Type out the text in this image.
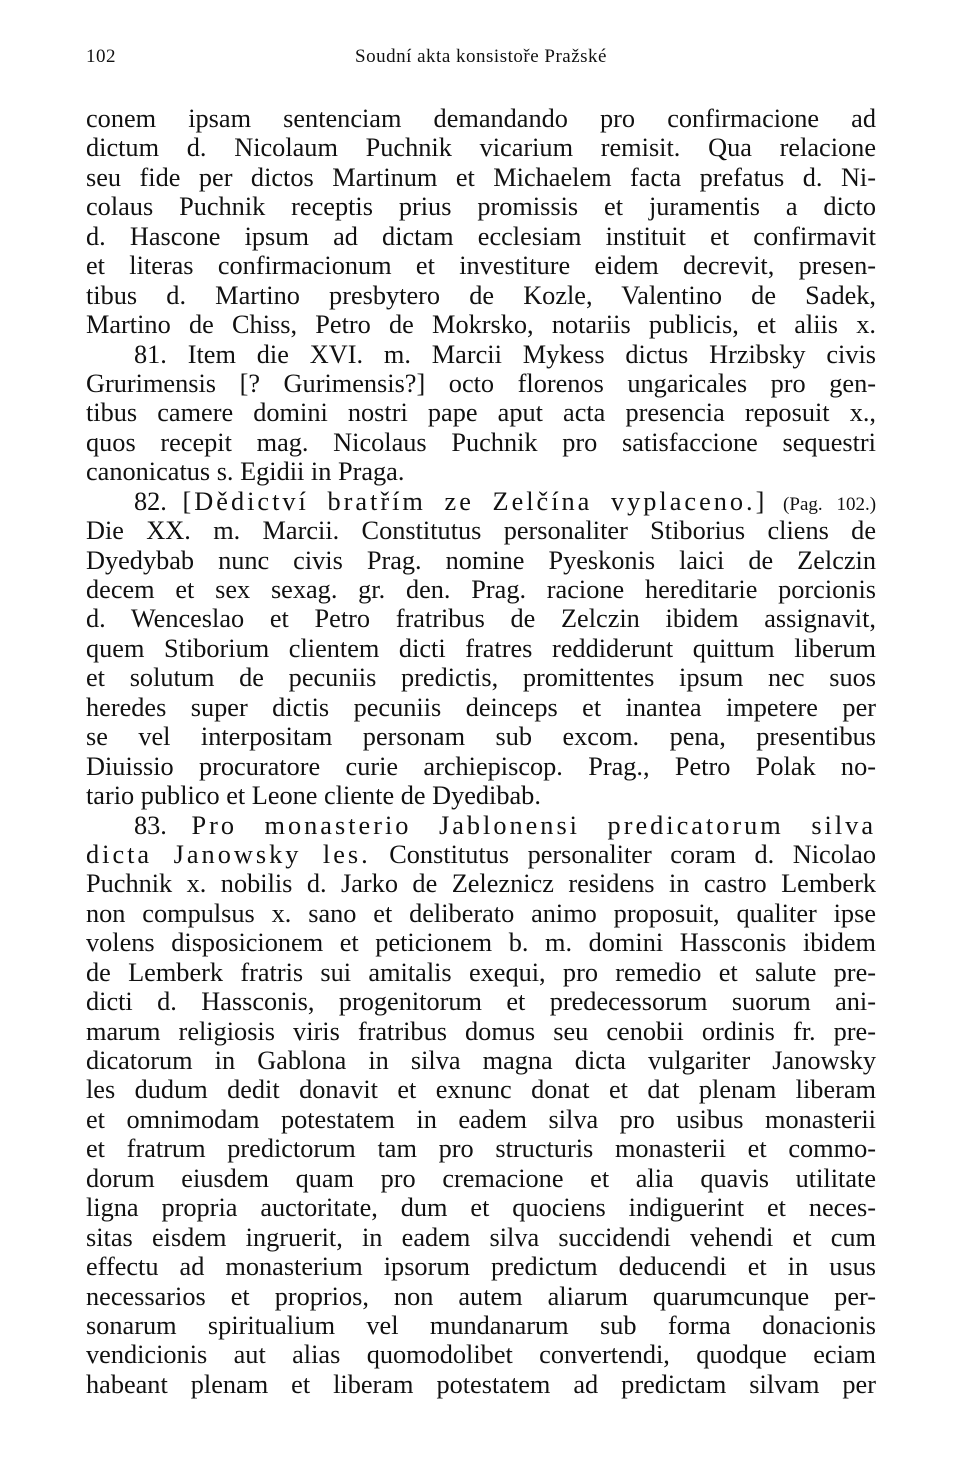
102	Soudní akta konsistoře Pražské
conem ipsam sentenciam demandando pro confirmacione ad
dictum d. Nicolaum Puchnik vicarium remisit. Qua relacione
seu fide per dictos Martinum et Michaelem facta prefatus d. Ni-
colaus Puchnik receptis prius promissis et juramentis a dicto
d. Hascone ipsum ad dictam ecclesiam instituit et confirmavit
et literas confirmacionum et investiture eidem decrevit, presen-
tibus d. Martino presbytero de Kozle, Valentino de Sadek,
Martino de Chiss, Petro de Mokrsko, notariis publicis, et aliis x.
81. Item die XVI. m. Marcii Mykess dictus Hrzibsky civis
Grurimensis [? Gurimensis?] octo florenos ungaricales pro gen-
tibus camere domini nostri pape aput acta presencia reposuit x.,
quos recepit mag. Nicolaus Puchnik pro satisfaccione sequestri
canonicatus s. Egidii in Praga.
82. [Dědictví bratřím ze Zelčína vyplaceno.] (Pag. 102.)
Die XX. m. Marcii. Constitutus personaliter Stiborius cliens de
Dyedybab nunc civis Prag. nomine Pyeskonis laici de Zelczin
decem et sex sexag. gr. den. Prag. racione hereditarie porcionis
d. Wenceslao et Petro fratribus de Zelczin ibidem assignavit,
quem Stiborium clientem dicti fratres reddiderunt quittum liberum
et solutum de pecuniis predictis, promittentes ipsum nec suos
heredes super dictis pecuniis deinceps et inantea impetere per
se vel interpositam personam sub excom. pena, presentibus
Diuissio procuratore curie archiepiscop. Prag., Petro Polak no-
tario publico et Leone cliente de Dyedibab.
83. Pro monasterio Jablonensi predicatorum silva
dicta Janowsky les. Constitutus personaliter coram d. Nicolao
Puchnik x. nobilis d. Jarko de Zeleznicz residens in castro Lemberk
non compulsus x. sano et deliberato animo proposuit, qualiter ipse
volens disposicionem et peticionem b. m. domini Hassconis ibidem
de Lemberk fratris sui amitalis exequi, pro remedio et salute pre-
dicti d. Hassconis, progenitorum et predecessorum suorum ani-
marum religiosis viris fratribus domus seu cenobii ordinis fr. pre-
dicatorum in Gablona in silva magna dicta vulgariter Janowsky
les dudum dedit donavit et exnunc donat et dat plenam liberam
et omnimodam potestatem in eadem silva pro usibus monasterii
et fratrum predictorum tam pro structuris monasterii et commo-
dorum eiusdem quam pro cremacione et alia quavis utilitate
ligna propria auctoritate, dum et quociens indiguerint et neces-
sitas eisdem ingruerit, in eadem silva succidendi vehendi et cum
effectu ad monasterium ipsorum predictum deducendi et in usus
necessarios et proprios, non autem aliarum quarumcunque per-
sonarum spiritualium vel mundanarum sub forma donacionis
vendicionis aut alias quomodolibet convertendi, quodque eciam
habeant plenam et liberam potestatem ad predictam silvam per
